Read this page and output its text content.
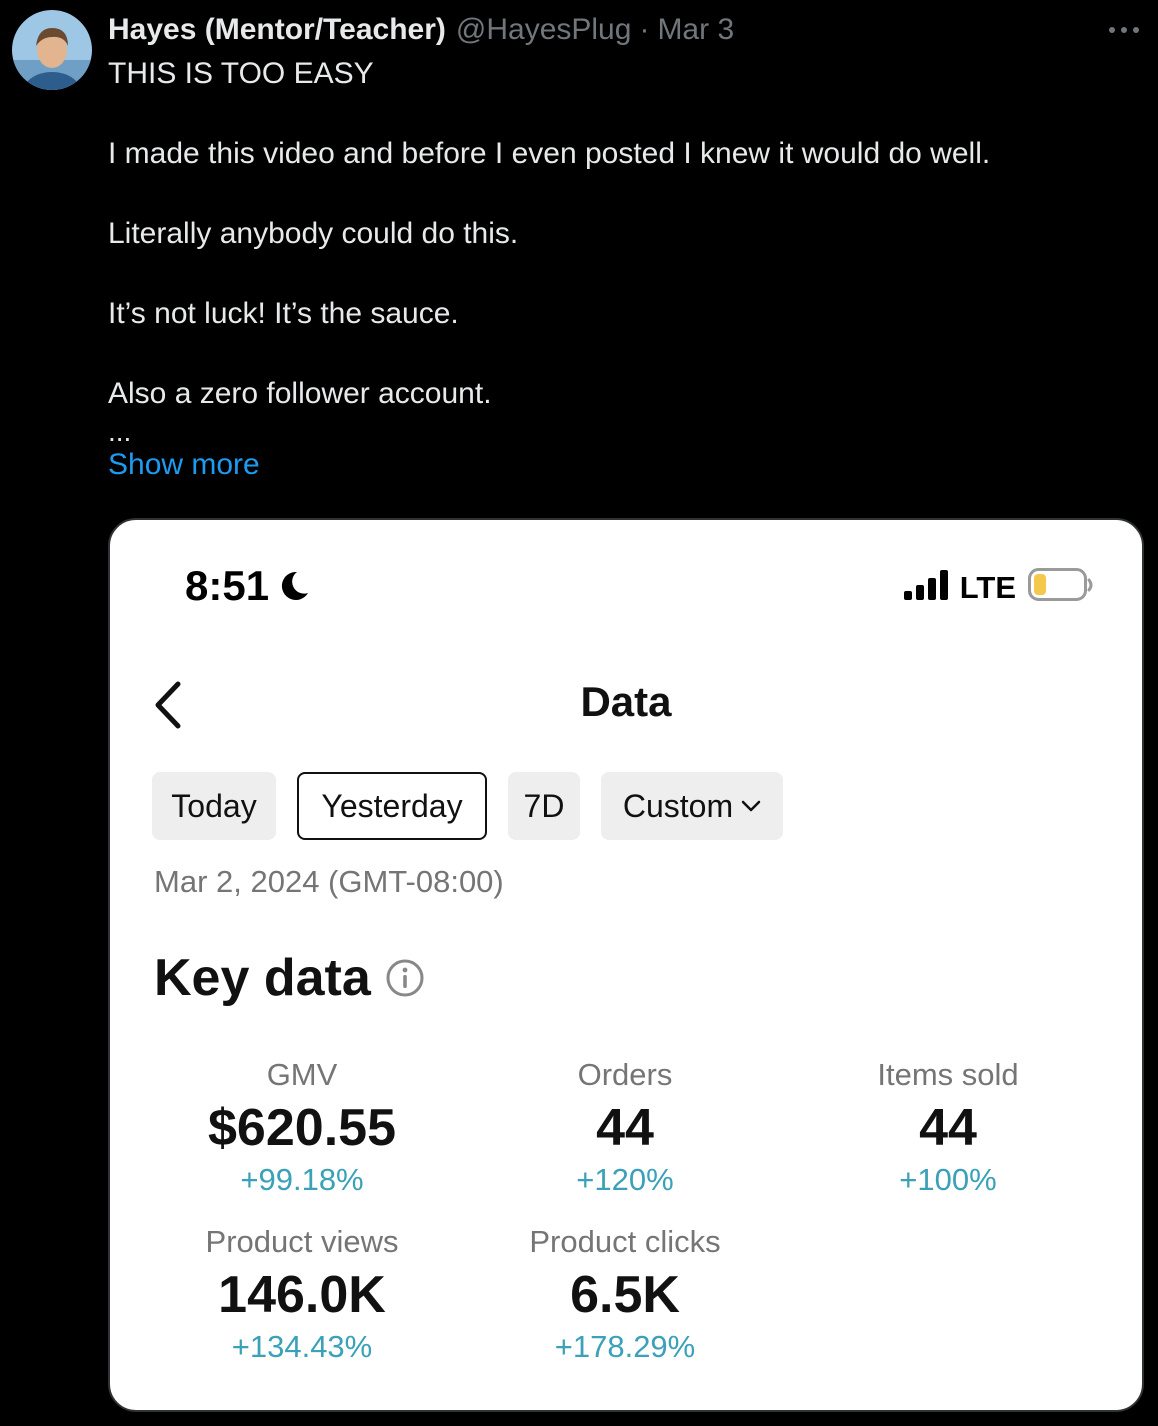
Hayes (Mentor/Teacher) @HayesPlug · Mar 3

THIS IS TOO EASY

I made this video and before I even posted I knew it would do well.

Literally anybody could do this.

It’s not luck! It’s the sauce.

Also a zero follower account.

...
Show more
8:51	LTE
Data
Today Yesterday 7D Custom
Mar 2, 2024 (GMT-08:00)
Key data
GMV
$620.55
+99.18%
Orders
44
+120%
Items sold
44
+100%
Product views
146.0K
+134.43%
Product clicks
6.5K
+178.29%
